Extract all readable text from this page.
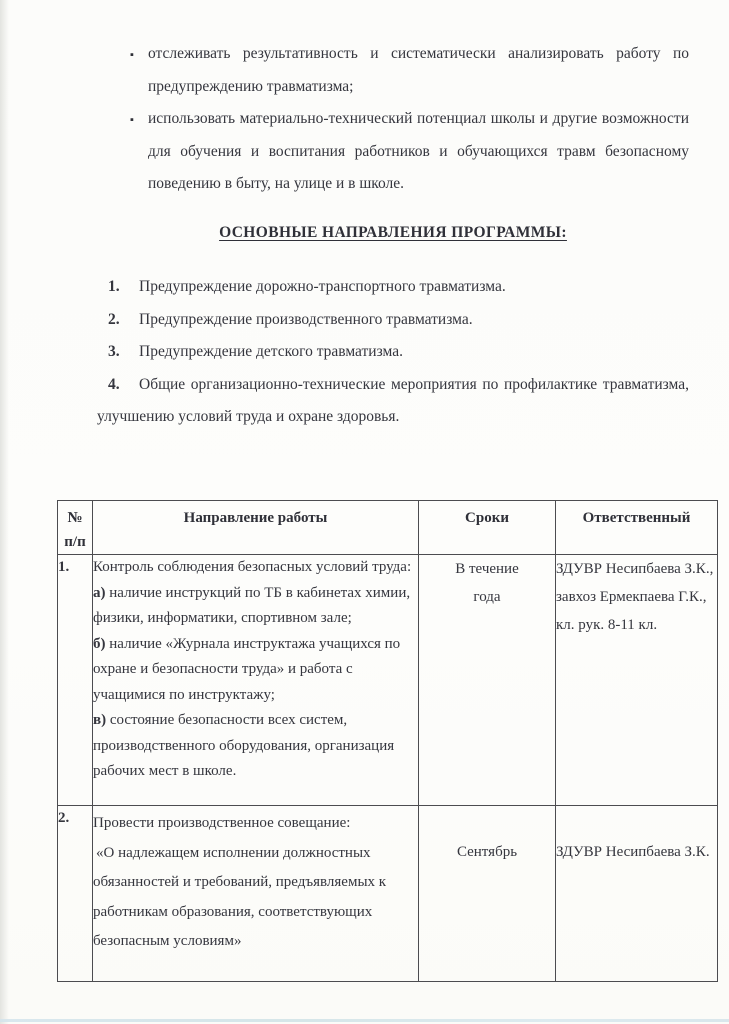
▪ отслеживать результативность и систематически анализировать работу по предупреждению травматизма;
▪ использовать материально-технический потенциал школы и другие возможности для обучения и воспитания работников и обучающихся травм безопасному поведению в быту, на улице и в школе.
ОСНОВНЫЕ НАПРАВЛЕНИЯ ПРОГРАММЫ:

1. Предупреждение дорожно-транспортного травматизма.

2. Предупреждение производственного травматизма.

3. Предупреждение детского травматизма.

4. Общие организационно-технические мероприятия по профилактике травматизма, улучшению условий труда и охране здоровья.

№
п/п	Направление работы	Сроки	Ответственный
1.	Контроль соблюдения безопасных условий труда:

а) наличие инструкций по ТБ в кабинетах химии, физики, информатики, спортивном зале;

б) наличие «Журнала инструктажа учащихся по охране и безопасности труда» и работа с учащимися по инструктажу;

в) состояние безопасности всех систем, производственного оборудования, организация рабочих мест в школе.	В течение года	ЗДУВР Несипбаева З.К., завхоз Ермекпаева Г.К., кл. рук. 8-11 кл.
2.	Провести производственное совещание:

«О надлежащем исполнении должностных обязанностей и требований, предъявляемых к работникам образования, соответствующих безопасным условиям»	Сентябрь	ЗДУВР Несипбаева З.К.
